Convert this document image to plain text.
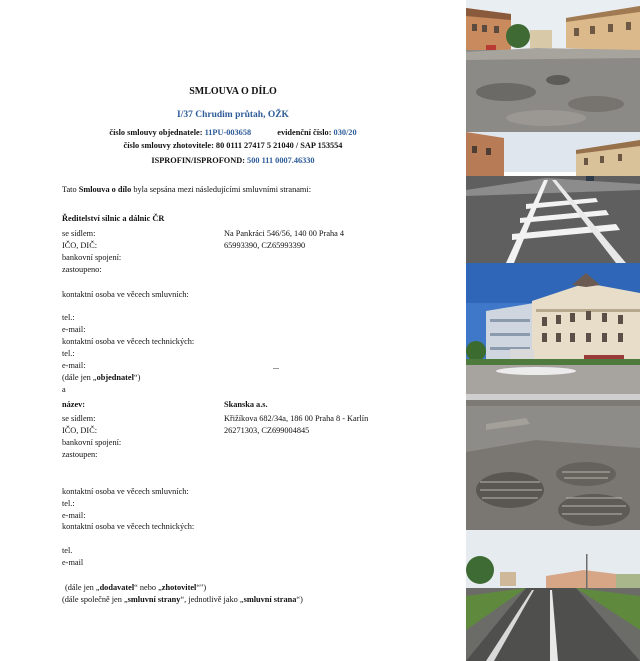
SMLOUVA O DÍLO
I/37 Chrudim průtah, OŽK
číslo smlouvy objednatele: 11PU-003658	evidenční číslo: 030/20
číslo smlouvy zhotovitele: 80 0111 27417 5 21040 / SAP 153554
ISPROFIN/ISPROFOND: 500 111 0007.46330
Tato Smlouva o dílo byla sepsána mezi následujícími smluvními stranami:
Ředitelství silnic a dálnic ČR
se sídlem:	Na Pankráci 546/56, 140 00 Praha 4
IČO, DIČ:	65993390, CZ65993390
bankovní spojení:
zastoupeno:
kontaktní osoba ve věcech smluvních:
tel.:
e-mail:
kontaktní osoba ve věcech technických:
tel.:
e-mail:
(dále jen „objednatel“)
a
název:	Skanska a.s.
se sídlem:	Křižíkova 682/34a, 186 00 Praha 8 - Karlín
IČO, DIČ:	26271303, CZ699004845
bankovní spojení:
zastoupen:
kontaktní osoba ve věcech smluvních:
tel.:
e-mail:
kontaktní osoba ve věcech technických:
tel.
e-mail
(dále jen „dodavatel“ nebo „zhotovitel“")
(dále společně jen „smluvní strany“, jednotlivě jako „smluvní strana“)
